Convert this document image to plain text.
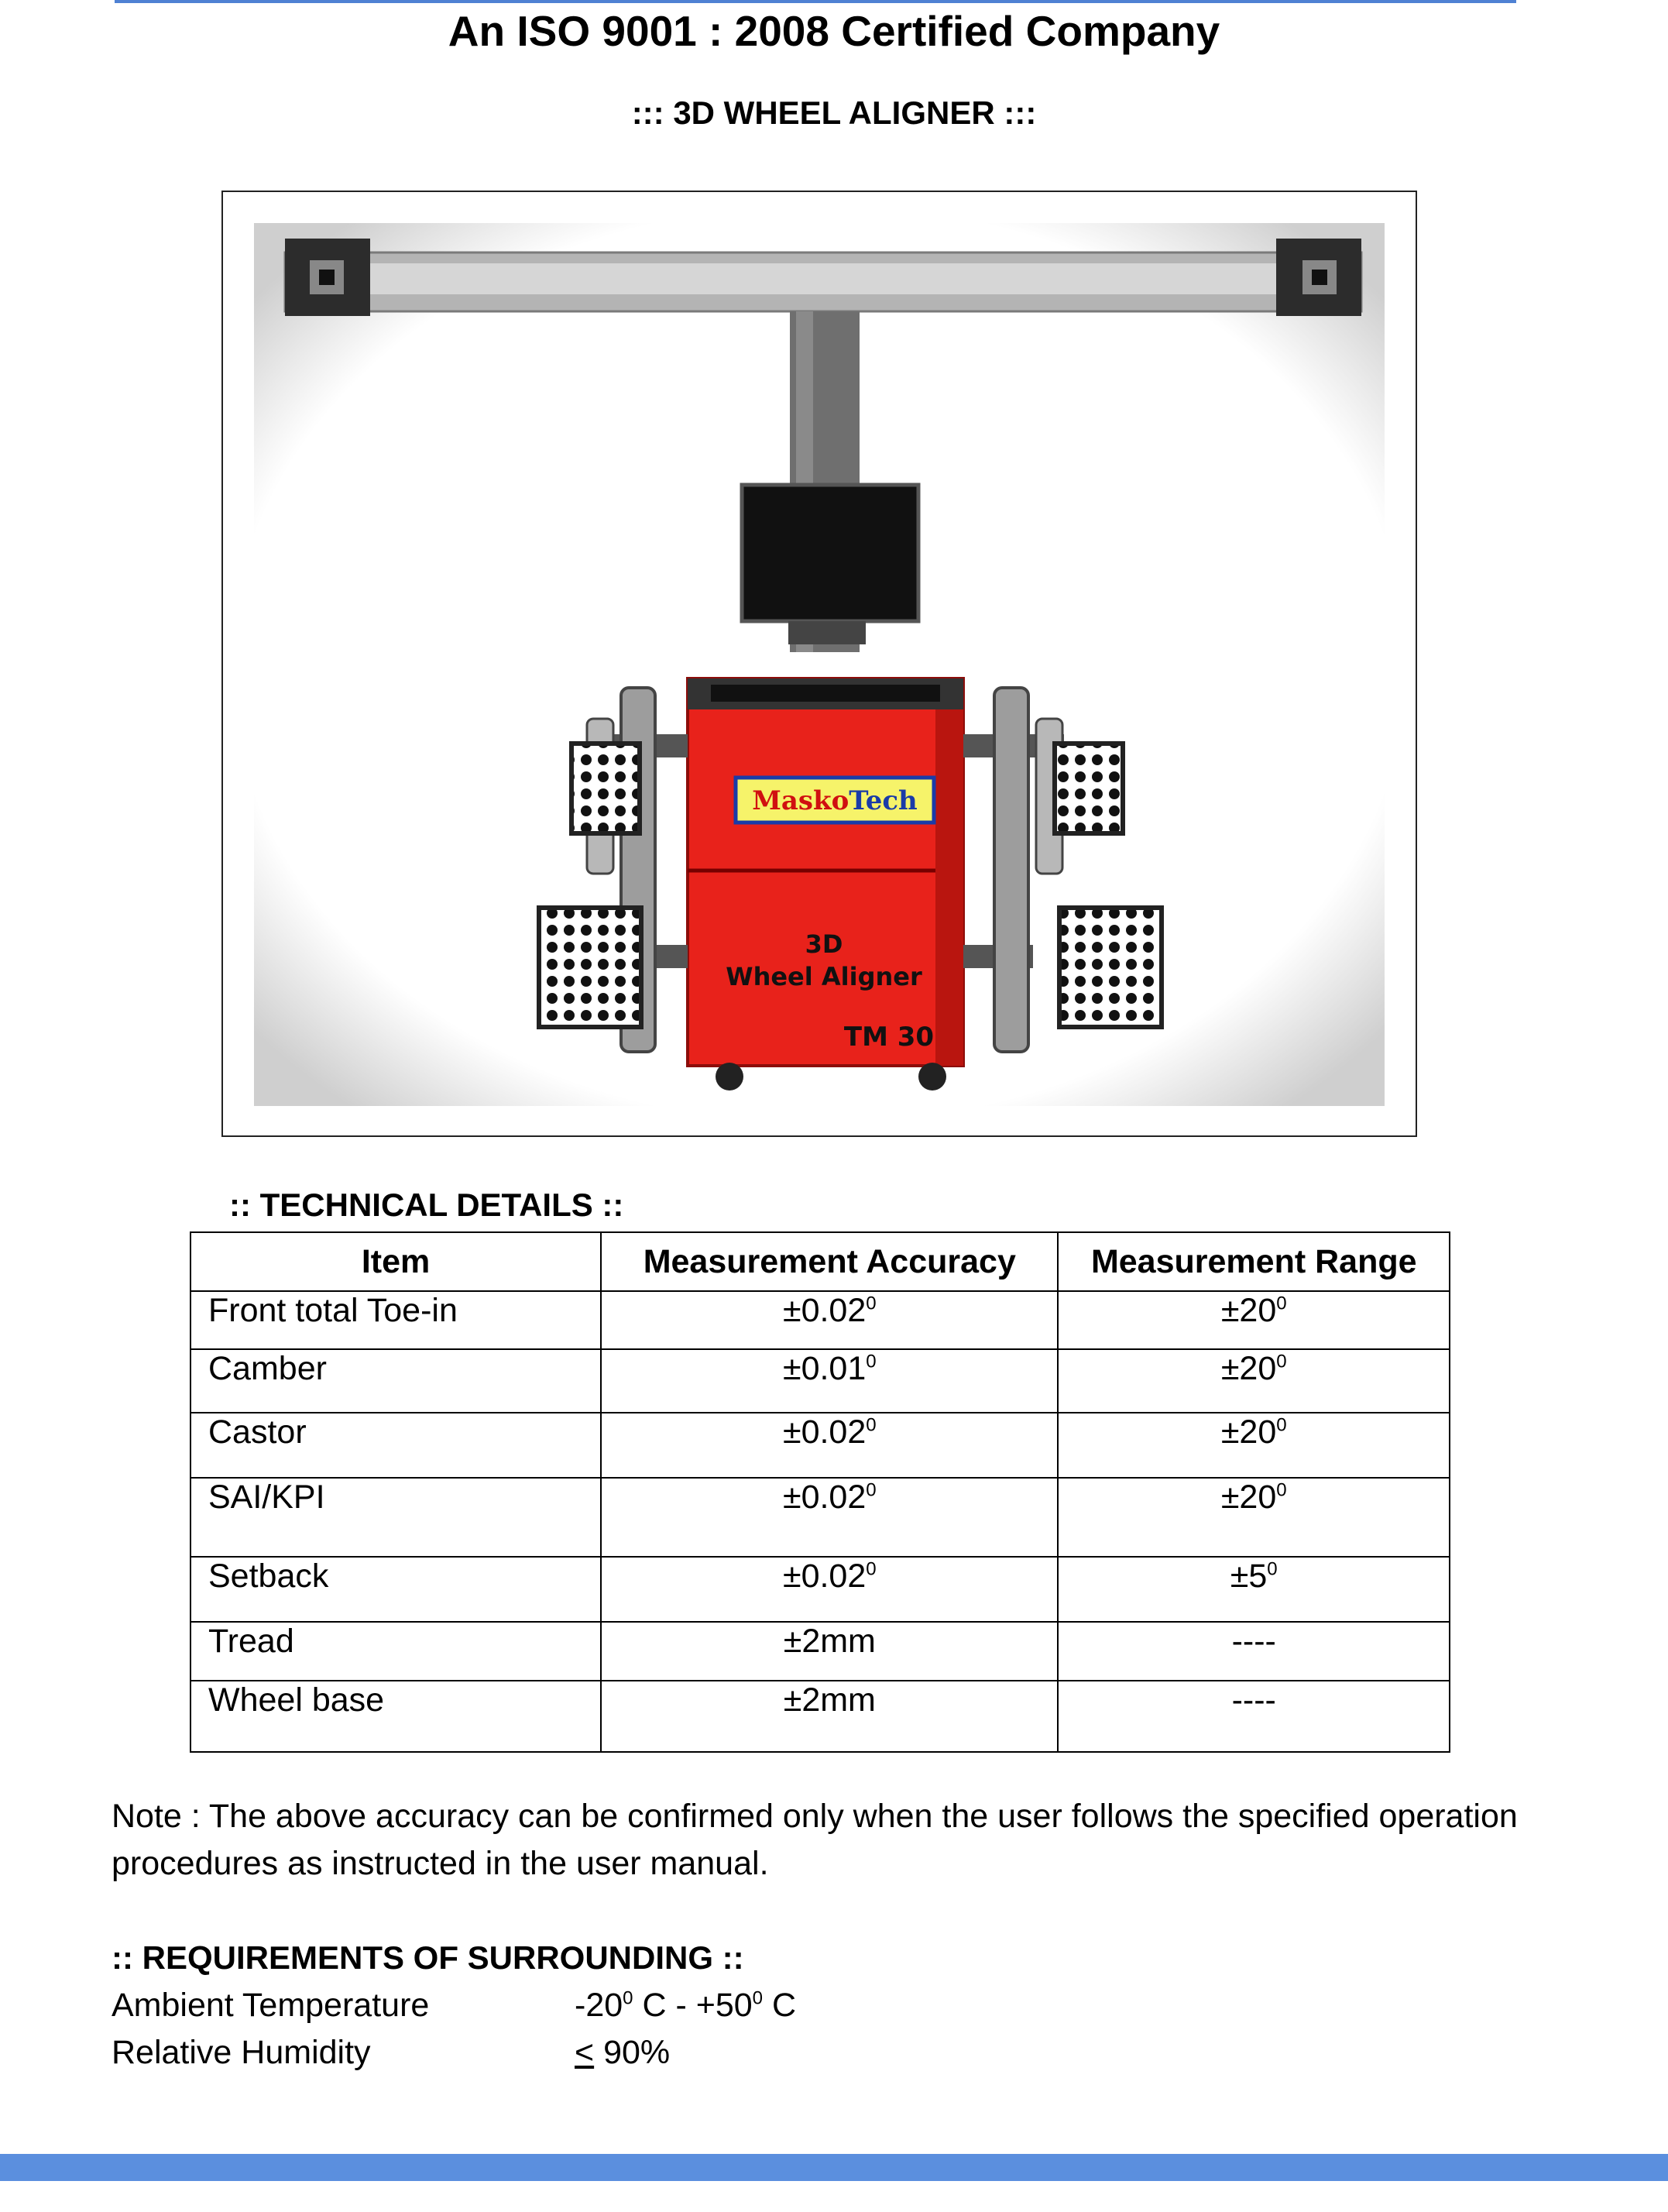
An ISO 9001 : 2008 Certified Company
::: 3D WHEEL ALIGNER :::
MaskoTech
3D
Wheel Aligner
TM 30
:: TECHNICAL DETAILS ::
Item	Measurement Accuracy	Measurement Range
Front total Toe-in	$\pm 0.02^0$	$\pm 20^0$
Camber	$\pm 0.01^0$	$\pm 20^0$
Castor	$\pm 0.02^0$	$\pm 20^0$
SAI/KPI	$\pm 0.02^0$	$\pm 20^0$
Setback	$\pm 0.02^0$	$\pm 5^0$
Tread	±2mm	----
Wheel base	±2mm	----
Note : The above accuracy can be confirmed only when the user follows the specified operation procedures as instructed in the user manual.
:: REQUIREMENTS OF SURROUNDING ::
Ambient Temperature	$-20^0$ $C - +50^0$ C
Relative Humidity	< 90%
